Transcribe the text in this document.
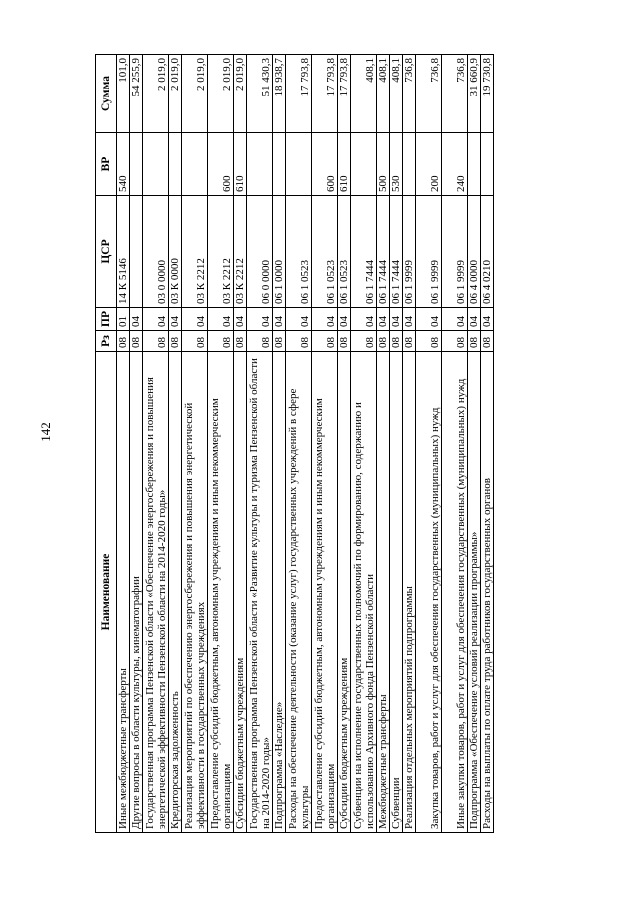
142
Наименование	Рз	ПР	ЦСР	ВР	Сумма
Иные межбюджетные трансферты	08	01	14 К 5146	540	101,0
Другие вопросы в области культуры, кинематографии	08	04			54 255,9
Государственная программа Пензенской области «Обеспечение энергосбережения и повышения энергетической эффективности Пензенской области на 2014-2020 годы»	08	04	03 0 0000		2 019,0
Кредиторская задолженность	08	04	03 К 0000		2 019,0
Реализация мероприятий по обеспечению энергосбережения и повышения энергетической эффективности в государственных учреждениях	08	04	03 К 2212		2 019,0
Предоставление субсидий бюджетным, автономным учреждениям и иным некоммерческим организациям	08	04	03 К 2212	600	2 019,0
Субсидии бюджетным учреждениям	08	04	03 К 2212	610	2 019,0
Государственная программа Пензенской области «Развитие культуры и туризма Пензенской области на 2014-2020 годы»	08	04	06 0 0000		51 430,3
Подпрограмма «Наследие»	08	04	06 1 0000		18 938,7
Расходы на обеспечение деятельности (оказание услуг) государственных учреждений в сфере культуры	08	04	06 1 0523		17 793,8
Предоставление субсидий бюджетным, автономным учреждениям и иным некоммерческим организациям	08	04	06 1 0523	600	17 793,8
Субсидии бюджетным учреждениям	08	04	06 1 0523	610	17 793,8
Субвенции на исполнение государственных полномочий по формированию, содержанию и использованию Архивного фонда Пензенской области	08	04	06 1 7444		408,1
Межбюджетные трансферты	08	04	06 1 7444	500	408,1
Субвенции	08	04	06 1 7444	530	408,1
Реализация отдельных мероприятий подпрограммы	08	04	06 1 9999		736,8
Закупка товаров, работ и услуг для обеспечения государственных (муниципальных) нужд	08	04	06 1 9999	200	736,8
Иные закупки товаров, работ и услуг для обеспечения государственных (муниципальных) нужд	08	04	06 1 9999	240	736,8
Подпрограмма «Обеспечение условий реализации программы»	08	04	06 4 0000		31 660,9
Расходы на выплаты по оплате труда работников государственных органов	08	04	06 4 0210		19 730,8
